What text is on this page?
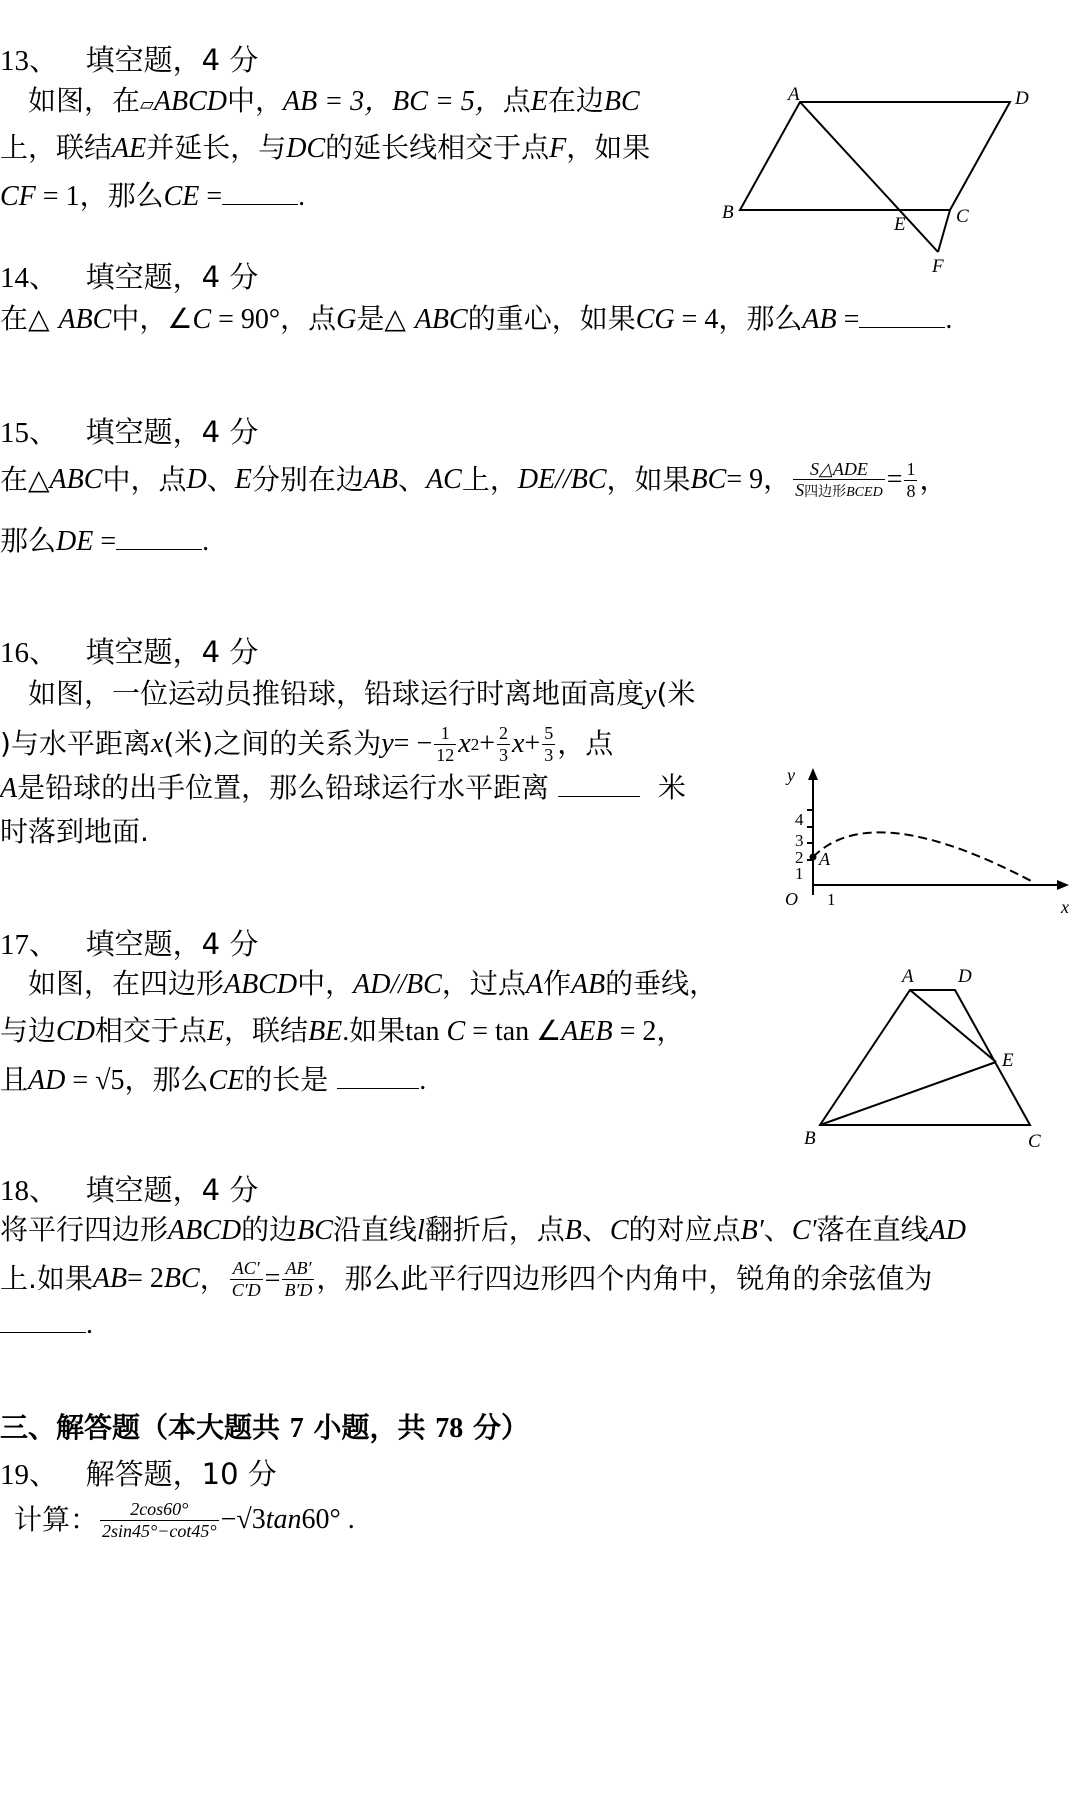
13、 填空题，4 分
如图，在▱ABCD中，AB = 3，BC = 5，点E在边BC
上，联结AE并延长，与DC的延长线相交于点F，如果
CF = 1，那么CE =	.
A	D
B	C
E
F
14、 填空题，4 分
在△ ABC中，∠C = 90°，点G是△ ABC的重心，如果CG = 4，那么AB =	.
15、 填空题，4 分
在△ ABC 中，点 D 、 E 分别在边 AB 、 AC 上， DE//BC ，如果 BC = 9， $\frac{\text{S△ADE}}{\text{S四边形BCED}} = \frac{1}{8}$ ，
那么DE =	.
16、 填空题，4 分
如图，一位运动员推铅球，铅球运行时离地面高度y(米
)与水平距离 x (米)之间的关系为 y = − $\frac{1}{12}$ x $2 + \frac{2}{3}$ $x + \frac{5}{3}$ ，点
A是铅球的出手位置，那么铅球运行水平距离	米
时落到地面.
y
x
O
A
1
2
3
4
1
17、 填空题，4 分
如图，在四边形ABCD中，AD//BC，过点A作AB的垂线，
与边CD相交于点E，联结BE.如果tan C = tan ∠AEB = 2，
且AD = √5，那么CE的长是	.
A D
E
B	C
18、 填空题，4 分
将平行四边形ABCD的边BC沿直线l翻折后，点B、C的对应点B′、C′落在直线AD
上.如果 AB = 2 BC ， $\frac{AC'}{C'D} = \frac{AB'}{B'D}$ ，那么此平行四边形四个内角中，锐角的余弦值为
.
三、解答题（本大题共 7 小题，共 78 分）
19、 解答题，10 分
计算： $\frac{2\cos 60^\circ}{2\sin 45^\circ-\cot 45^\circ} - √3$ tan 60° .
